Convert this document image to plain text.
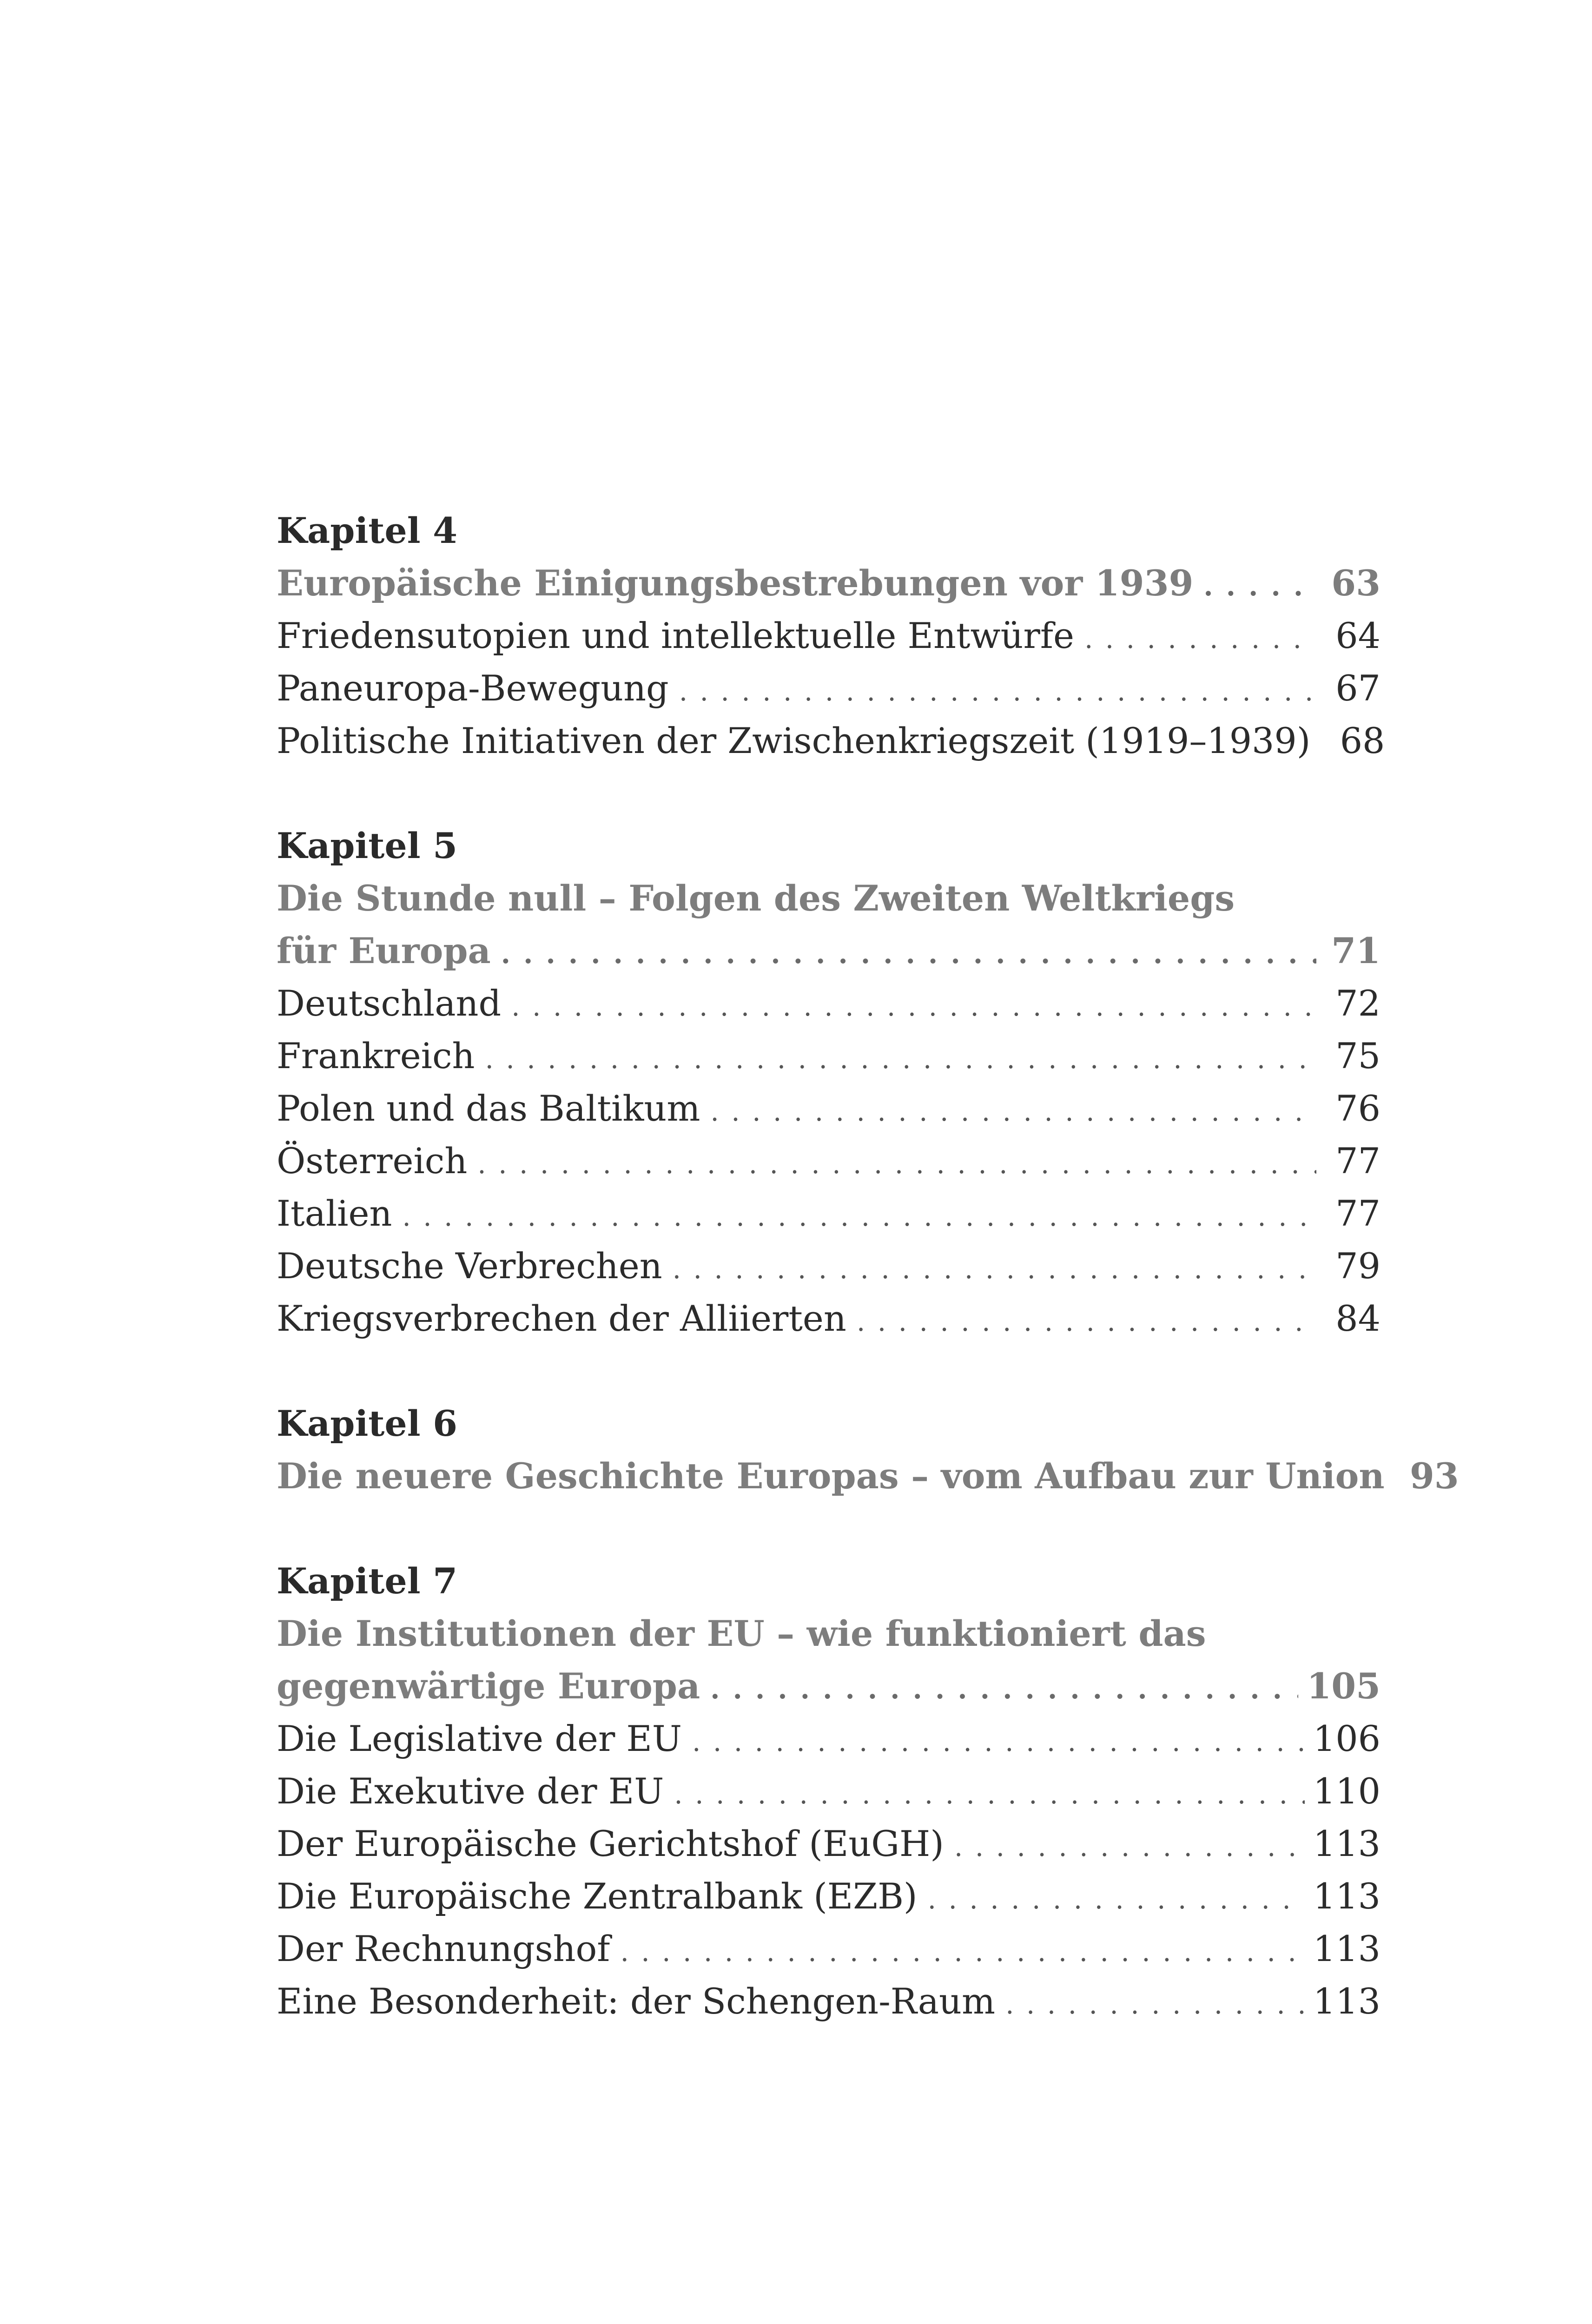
Kapitel 4
Europäische Einigungsbestrebungen vor 1939 . . .	63
Friedensutopien und intellektuelle Entwürfe . . .	64
Paneuropa-Bewegung . . .	67
Politische Initiativen der Zwischenkriegszeit (1919–1939) 68
Kapitel 5
Die Stunde null – Folgen des Zweiten Weltkriegs
für Europa . . .	71
Deutschland . . .	72
Frankreich . . .	75
Polen und das Baltikum . . .	76
Österreich . . .	77
Italien . . .	77
Deutsche Verbrechen . . .	79
Kriegsverbrechen der Alliierten . . .	84
Kapitel 6
Die neuere Geschichte Europas – vom Aufbau zur Union 93
Kapitel 7
Die Institutionen der EU – wie funktioniert das
gegenwärtige Europa . . .	105
Die Legislative der EU . . .	106
Die Exekutive der EU . . .	110
Der Europäische Gerichtshof (EuGH) . . .	113
Die Europäische Zentralbank (EZB) . . .	113
Der Rechnungshof . . .	113
Eine Besonderheit: der Schengen-Raum . . .	113
